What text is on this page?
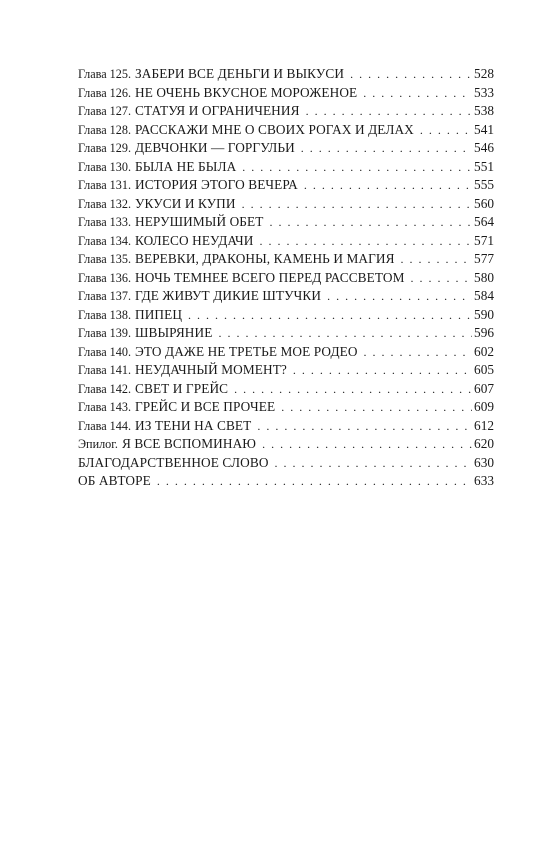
Глава 125. ЗАБЕРИ ВСЕ ДЕНЬГИ И ВЫКУСИ . . .	528
Глава 126. НЕ ОЧЕНЬ ВКУСНОЕ МОРОЖЕНОЕ . . .	533
Глава 127. СТАТУЯ И ОГРАНИЧЕНИЯ . . .	538
Глава 128. РАССКАЖИ МНЕ О СВОИХ РОГАХ И ДЕЛАХ . . .	541
Глава 129. ДЕВЧОНКИ — ГОРГУЛЬИ . . .	546
Глава 130. БЫЛА НЕ БЫЛА . . .	551
Глава 131. ИСТОРИЯ ЭТОГО ВЕЧЕРА . . .	555
Глава 132. УКУСИ И КУПИ . . .	560
Глава 133. НЕРУШИМЫЙ ОБЕТ . . .	564
Глава 134. КОЛЕСО НЕУДАЧИ . . .	571
Глава 135. ВЕРЕВКИ, ДРАКОНЫ, КАМЕНЬ И МАГИЯ . . .	577
Глава 136. НОЧЬ ТЕМНЕЕ ВСЕГО ПЕРЕД РАССВЕТОМ . . .	580
Глава 137. ГДЕ ЖИВУТ ДИКИЕ ШТУЧКИ . . .	584
Глава 138. ПИПЕЦ . . .	590
Глава 139. ШВЫРЯНИЕ . . .	596
Глава 140. ЭТО ДАЖЕ НЕ ТРЕТЬЕ МОЕ РОДЕО . . .	602
Глава 141. НЕУДАЧНЫЙ МОМЕНТ? . . .	605
Глава 142. СВЕТ И ГРЕЙС . . .	607
Глава 143. ГРЕЙС И ВСЕ ПРОЧЕЕ . . .	609
Глава 144. ИЗ ТЕНИ НА СВЕТ . . .	612
Эпилог. Я ВСЕ ВСПОМИНАЮ . . .	620
БЛАГОДАРСТВЕННОЕ СЛОВО . . .	630
ОБ АВТОРЕ . . .	633
